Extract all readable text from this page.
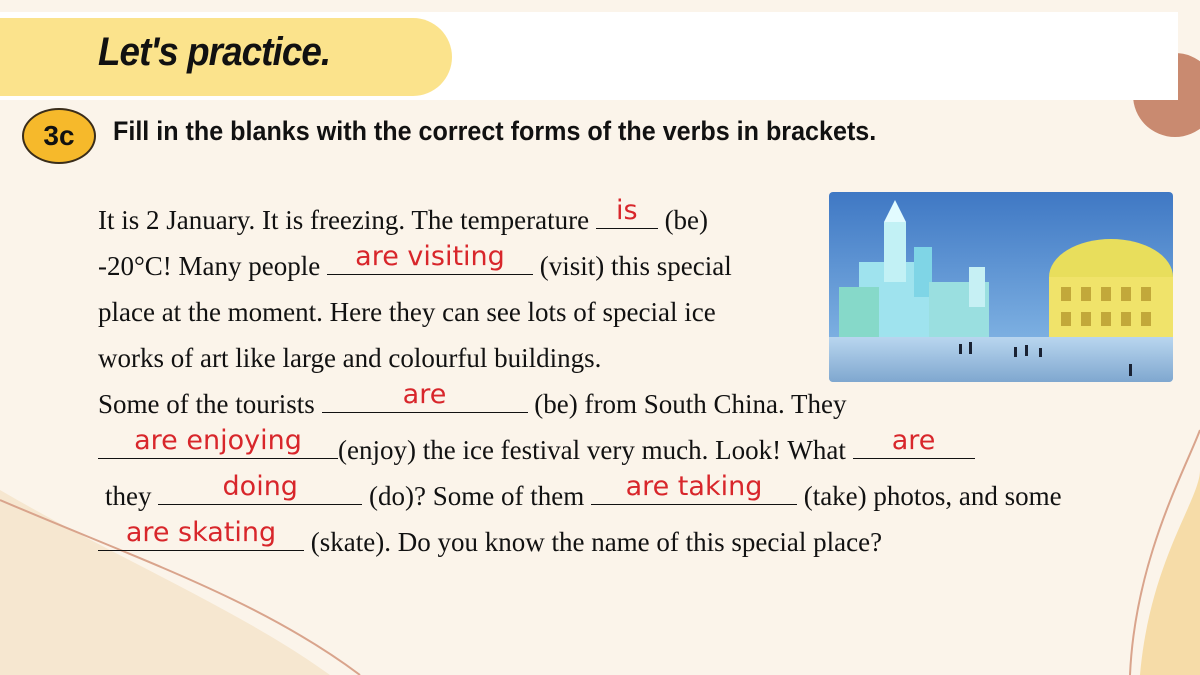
Let's practice.
3c	Fill in the blanks with the correct forms of the verbs in brackets.
It is 2 January. It is freezing. The temperature is (be)
-20°C! Many people	are visiting	(visit) this special
place at the moment. Here they can see lots of special ice
works of art like large and colourful buildings.
Some of the tourists	are	(be) from South China. They
are enjoying	(enjoy) the ice festival very much. Look! What	are
they	doing	(do)? Some of them	are taking	(take) photos, and some
are skating	(skate). Do you know the name of this special place?
